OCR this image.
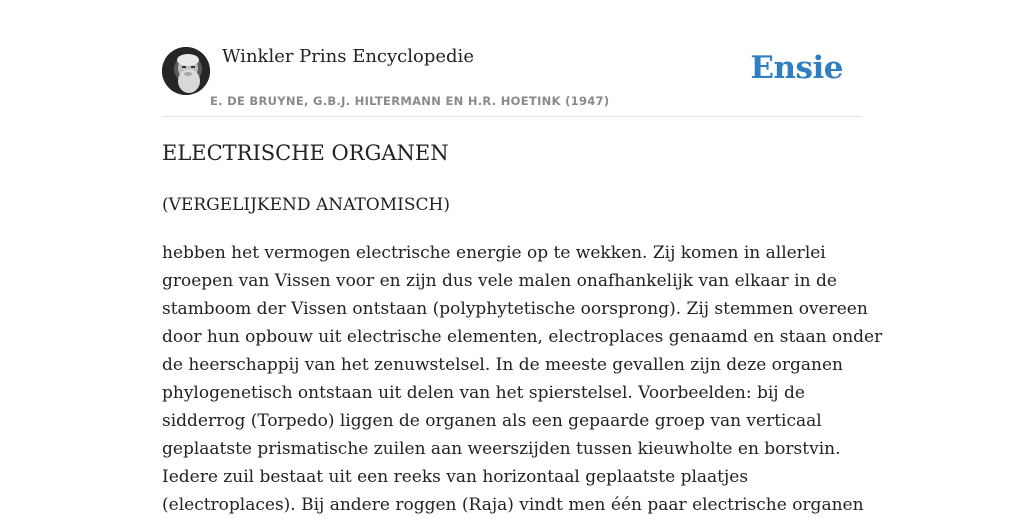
Winkler Prins Encyclopedie
E. DE BRUYNE, G.B.J. HILTERMANN EN H.R. HOETINK (1947)
Ensie
ELECTRISCHE ORGANEN
(VERGELIJKEND ANATOMISCH)
hebben het vermogen electrische energie op te wekken. Zij komen in allerlei
groepen van Vissen voor en zijn dus vele malen onafhankelijk van elkaar in de
stamboom der Vissen ontstaan (polyphytetische oorsprong). Zij stemmen overeen
door hun opbouw uit electrische elementen, electroplaces genaamd en staan onder
de heerschappij van het zenuwstelsel. In de meeste gevallen zijn deze organen
phylogenetisch ontstaan uit delen van het spierstelsel. Voorbeelden: bij de
sidderrog (Torpedo) liggen de organen als een gepaarde groep van verticaal
geplaatste prismatische zuilen aan weerszijden tussen kieuwholte en borstvin.
Iedere zuil bestaat uit een reeks van horizontaal geplaatste plaatjes
(electroplaces). Bij andere roggen (Raja) vindt men één paar electrische organen
